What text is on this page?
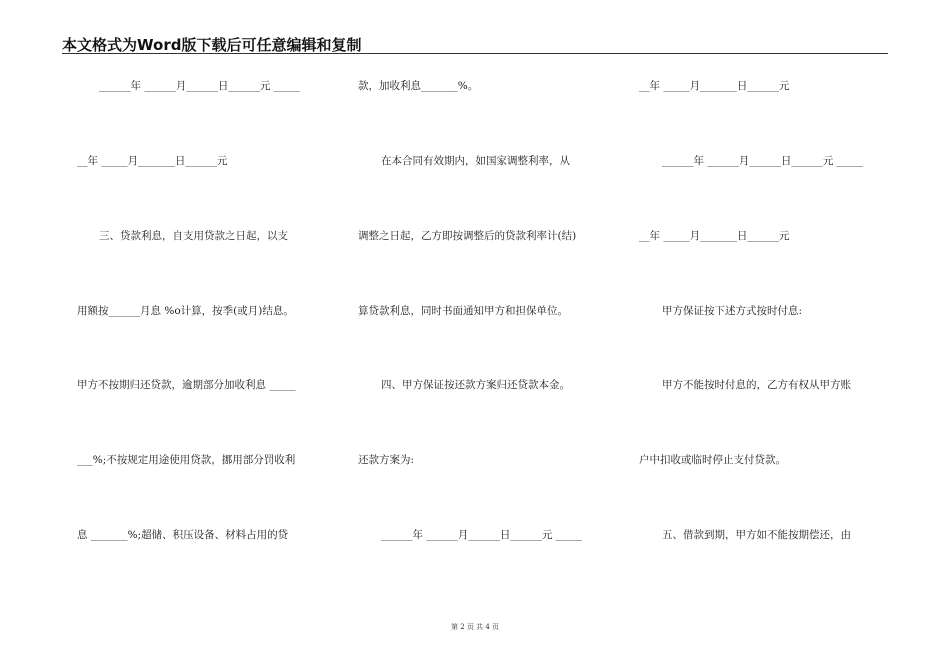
本文格式为Word版下载后可任意编辑和复制
______年 ______月______日______元 _____
__年 _____月_______日______元
三、贷款利息，自支用贷款之日起，以支
用额按______月息 %o计算，按季(或月)结息。
甲方不按期归还贷款，逾期部分加收利息 _____
___%;不按规定用途使用贷款，挪用部分罚收利
息 _______%;超储、积压设备、材料占用的贷
款，加收利息_______%。
在本合同有效期内，如国家调整利率，从
调整之日起，乙方即按调整后的贷款利率计(结)
算贷款利息，同时书面通知甲方和担保单位。
四、甲方保证按还款方案归还贷款本金。
还款方案为:
______年 ______月______日______元 _____
__年 _____月_______日______元
______年 ______月______日______元 _____
__年 _____月_______日______元
甲方保证按下述方式按时付息:
甲方不能按时付息的，乙方有权从甲方账
户中扣收或临时停止支付贷款。
五、借款到期，甲方如不能按期偿还，由
第 2 页 共 4 页
